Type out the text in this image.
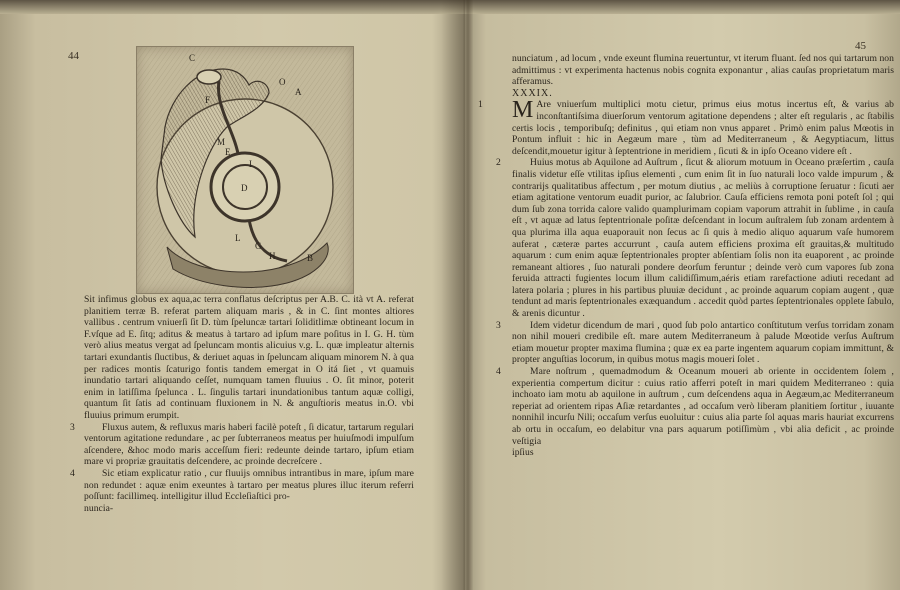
44	C
O
A
F
M
E
I
D
L
G
H	B

Sit infimus globus ex aqua,ac terra conflatus deſcriptus per A.B. C. ità vt A. referat planitiem terræ B. referat partem aliquam maris , & in C. ſint montes altiores vallibus . centrum vniuerſi ſit D. tùm ſpeluncæ tartari ſoliditlimæ obtineant locum in F.vſque ad E. ſitq; aditus & meatus à tartaro ad ipſum mare poſitus in I. G. H. tùm verò alius meatus vergat ad ſpeluncam montis alicuius v.g. L. quæ impleatur alternis tartari exundantis ſluctibus, & deriuet aquas in ſpeluncam aliquam minorem N. à qua per radices montis ſcaturigo fontis tandem emergat in O itá ſiet , vt quamuis inundatio tartari aliquando ceſſet, numquam tamen fluuius . O. ſit minor, poterit enim in latiſſima ſpelunca . L. ſingulis tartari inundationibus tantum aquæ colligi, quantum ſit ſatis ad continuam fluxionem in N. & anguſtioris meatus in.O. vbi fluuius primum erumpit.

3	Fluxus autem, & refluxus maris haberi facilè poteſt , ſi dicatur, tartarum regulari ventorum agitatione redundare , ac per ſubterraneos meatus per huiuſmodi impulſum aſcendere, &hoc modo maris acceſſum fieri: redeunte deinde tartaro, ipſum etiam mare vi propriæ grauitatis deſcendere, ac proinde decreſcere .

4	Sic etiam explicatur ratio , cur fluuijs omnibus intrantibus in mare, ipſum mare non redundet : aquæ enim exeuntes à tartaro per meatus plures illuc iterum referri poſſunt: facillimeq. intelligitur illud Eccleſiaſtici pro-

nuncia-

45

nunciatum , ad locum , vnde exeunt flumina reuertuntur, vt iterum fluant. ſed nos qui tartarum non admittimus : vt experimenta hactenus nobis cognita exponantur , alias cauſas proprietatum maris afferamus.

XXXIX.

1 M Are vniuerſum multiplici motu cietur, primus eius motus incertus eſt, & varius ab inconſtantiſsima diuerſorum ventorum agitatione dependens ; alter eſt regularis , ac ſtabilis certis locis , temporibuſq; definitus , qui etiam non vnus apparet . Primò enim palus Mœotis in Pontum influit : hic in Aegæum mare , tùm ad Mediterraneum , & Aegyptiacum, littus deſcendit,mouetur igitur à ſeptentrione in meridiem , ſicuti & in ipſo Oceano videre eſt .

2	Huius motus ab Aquilone ad Auſtrum , ſicut & aliorum motuum in Oceano præſertim , cauſa finalis videtur eſſe vtilitas ipſius elementi , cum enim ſit in ſuo naturali loco valde impurum , & contrarijs qualitatibus affectum , per motum diutius , ac meliùs à corruptione ſeruatur : ſicuti aer etiam agitatione ventorum euadit purior, ac ſalubrior. Cauſa efficiens remota poni poteſt ſol ; qui dum ſub zona torrida calore valido quamplurimam copiam vaporum attrahit in ſublime , in cauſa eſt , vt aquæ ad latus ſeptentrionale poſitæ deſcendant in locum auſtralem ſub zonam ardentem à qua plurima illa aqua euaporauit non ſecus ac ſi quis à medio aliquo aquarum vaſe humorem auferat , cæteræ partes accurrunt , cauſa autem efficiens proxima eſt grauitas,& multitudo aquarum : cum enim aquæ ſeptentrionales propter abſentiam ſolis non ita euaporent , ac proinde remaneant altiores , ſuo naturali pondere deorſum feruntur ; deinde verò cum vapores ſub zona feruida attracti fugientes locum illum calidiſſimum,aéris etiam rarefactione adiuti recedant ad latera polaria ; plures in his partibus pluuiæ decidunt , ac proinde aquarum copiam augent , quæ tendunt ad maris ſeptentrionales exæquandum . accedit quòd partes ſeptentrionales opplete ſabulo, & arenis dicuntur .

3	Idem videtur dicendum de mari , quod ſub polo antartico conſtitutum verſus torridam zonam non nihil moueri credibile eſt. mare autem Mediterraneum à palude Mœotide verſus Auſtrum etiam mouetur propter maxima flumina ; quæ ex ea parte ingentem aquarum copiam immittunt, & propter anguſtias locorum, in quibus motus magis moueri ſolet .

4	Mare noſtrum , quemadmodum & Oceanum moueri ab oriente in occidentem ſolem , experientia compertum dicitur : cuius ratio afferri poteſt in mari quidem Mediterraneo : quia inchoato iam motu ab aquilone in auſtrum , cum deſcendens aqua in Aegæum,ac Mediterraneum reperiat ad orientem ripas Aſiæ retardantes , ad occaſum verò liberam planitiem ſortitur , iuuante nonnihil incurſu Nili; occaſum verſus euoluitur : cuius alia parte ſol aquas maris hauriat excurrens ab ortu in occaſum, eo delabitur vna pars aquarum potiſſimùm , vbi alia deficit , ac proinde veſtigia

ipſius
